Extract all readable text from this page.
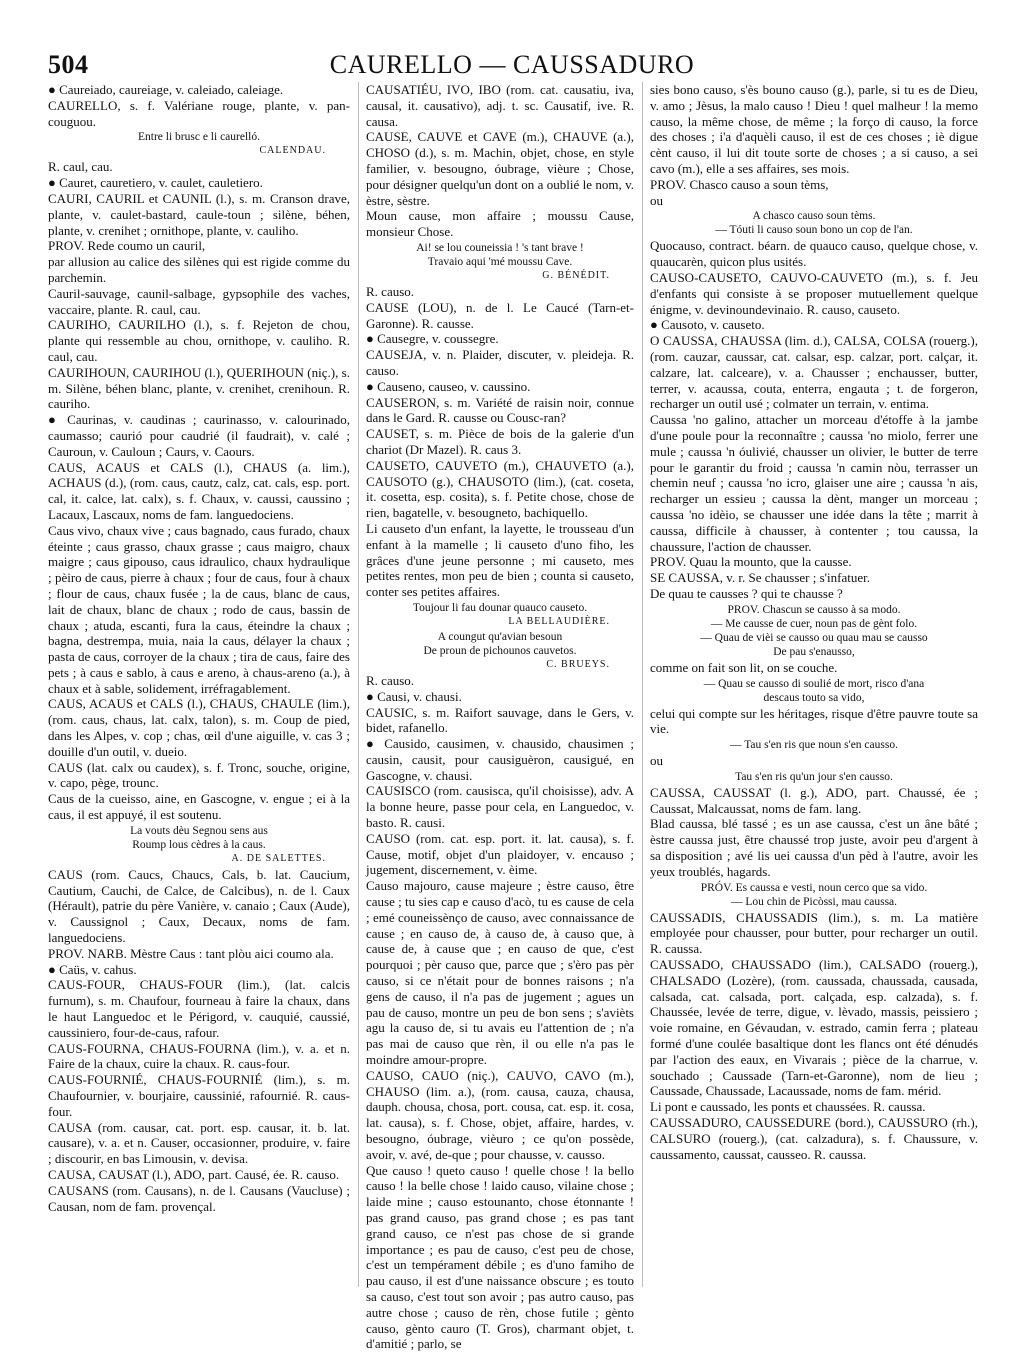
504	CAURELLO — CAUSSADURO

● Caureiado, caureiage, v. caleiado, caleiage.

CAURELLO, s. f. Valériane rouge, plante, v. pan-couguou.

Entre li brusc e li caurelló.
CALENDAU.

R. caul, cau.

● Cauret, cauretiero, v. caulet, cauletiero.

CAURI, CAURIL et CAUNIL (l.), s. m. Cranson drave, plante, v. caulet-bastard, caule-toun ; silène, béhen, plante, v. crenihet ; ornithope, plante, v. cauliho.

PROV. Rede coumo un cauril,

par allusion au calice des silènes qui est rigide comme du parchemin.

Cauril-sauvage, caunil-salbage, gypsophile des vaches, vaccaire, plante. R. caul, cau.

CAURIHO, CAURILHO (l.), s. f. Rejeton de chou, plante qui ressemble au chou, ornithope, v. cauliho. R. caul, cau.

CAURIHOUN, CAURIHOU (l.), QUERIHOUN (niç.), s. m. Silène, béhen blanc, plante, v. crenihet, crenihoun. R. cauriho.

● Caurinas, v. caudinas ; caurinasso, v. calourinado, caumasso; caurió pour caudrié (il faudrait), v. calé ; Cauroun, v. Cauloun ; Caurs, v. Caours.

CAUS, ACAUS et CALS (l.), CHAUS (a. lim.), ACHAUS (d.), (rom. caus, cautz, calz, cat. cals, esp. port. cal, it. calce, lat. calx), s. f. Chaux, v. caussi, caussino ; Lacaux, Lascaux, noms de fam. languedociens.

Caus vivo, chaux vive ; caus bagnado, caus furado, chaux éteinte ; caus grasso, chaux grasse ; caus maigro, chaux maigre ; caus gipouso, caus idraulico, chaux hydraulique ; pèiro de caus, pierre à chaux ; four de caus, four à chaux ; flour de caus, chaux fusée ; la de caus, blanc de caus, lait de chaux, blanc de chaux ; rodo de caus, bassin de chaux ; atuda, escanti, fura la caus, éteindre la chaux ; bagna, destrempa, muia, naia la caus, délayer la chaux ; pasta de caus, corroyer de la chaux ; tira de caus, faire des pets ; à caus e sablo, à caus e areno, à chaus-areno (a.), à chaux et à sable, solidement, irréfragablement.

CAUS, ACAUS et CALS (l.), CHAUS, CHAULE (lim.), (rom. caus, chaus, lat. calx, talon), s. m. Coup de pied, dans les Alpes, v. cop ; chas, œil d'une aiguille, v. cas 3 ; douille d'un outil, v. dueio.

CAUS (lat. calx ou caudex), s. f. Tronc, souche, origine, v. capo, pège, trounc.

Caus de la cueisso, aine, en Gascogne, v. engue ; ei à la caus, il est appuyé, il est soutenu.

La vouts dèu Segnou sens aus
Roump lous cèdres à la caus.
A. DE SALETTES.

CAUS (rom. Caucs, Chaucs, Cals, b. lat. Caucium, Cautium, Cauchi, de Calce, de Calcibus), n. de l. Caux (Hérault), patrie du père Vanière, v. canaio ; Caux (Aude), v. Caussignol ; Caux, Decaux, noms de fam. languedociens.

PROV. NARB. Mèstre Caus : tant plòu aici coumo ala.

● Caüs, v. cahus.

CAUS-FOUR, CHAUS-FOUR (lim.), (lat. calcis furnum), s. m. Chaufour, fourneau à faire la chaux, dans le haut Languedoc et le Périgord, v. cauquié, caussié, caussiniero, four-de-caus, rafour.

CAUS-FOURNA, CHAUS-FOURNA (lim.), v. a. et n. Faire de la chaux, cuire la chaux. R. caus-four.

CAUS-FOURNIÉ, CHAUS-FOURNIÉ (lim.), s. m. Chaufournier, v. bourjaire, caussinié, rafournié. R. caus-four.

CAUSA (rom. causar, cat. port. esp. causar, it. b. lat. causare), v. a. et n. Causer, occasionner, produire, v. faire ; discourir, en bas Limousin, v. devisa.

CAUSA, CAUSAT (l.), ADO, part. Causé, ée. R. causo.

CAUSANS (rom. Causans), n. de l. Causans (Vaucluse) ; Causan, nom de fam. provençal.

CAUSATIÉU, IVO, IBO (rom. cat. causatiu, iva, causal, it. causativo), adj. t. sc. Causatif, ive. R. causa.

CAUSE, CAUVE et CAVE (m.), CHAUVE (a.), CHOSO (d.), s. m. Machin, objet, chose, en style familier, v. besougno, óubrage, vièure ; Chose, pour désigner quelqu'un dont on a oublié le nom, v. èstre, sèstre.

Moun cause, mon affaire ; moussu Cause, monsieur Chose.

Ai! se lou couneissia ! 's tant brave !
Travaio aqui 'mé moussu Cave.
G. BÉNÉDIT.

R. causo.

CAUSE (LOU), n. de l. Le Caucé (Tarn-et-Garonne). R. causse.

● Causegre, v. coussegre.

CAUSEJA, v. n. Plaider, discuter, v. pleideja. R. causo.

● Causeno, causeo, v. caussino.

CAUSERON, s. m. Variété de raisin noir, connue dans le Gard. R. causse ou Cousc-ran?

CAUSET, s. m. Pièce de bois de la galerie d'un chariot (Dr Mazel). R. caus 3.

CAUSETO, CAUVETO (m.), CHAUVETO (a.), CAUSOTO (g.), CHAUSOTO (lim.), (cat. coseta, it. cosetta, esp. cosita), s. f. Petite chose, chose de rien, bagatelle, v. besougneto, bachiquello.

Li causeto d'un enfant, la layette, le trousseau d'un enfant à la mamelle ; li causeto d'uno fiho, les grâces d'une jeune personne ; mi causeto, mes petites rentes, mon peu de bien ; counta si causeto, conter ses petites affaires.

Toujour li fau dounar quauco causeto.
LA BELLAUDIÈRE.
A coungut qu'avian besoun
De proun de pichounos cauvetos.
C. BRUEYS.

R. causo.

● Causi, v. chausi.

CAUSIC, s. m. Raifort sauvage, dans le Gers, v. bidet, rafanello.

● Causido, causimen, v. chausido, chausimen ; causin, causit, pour causiguèron, causigué, en Gascogne, v. chausi.

CAUSISCO (rom. causisca, qu'il choisisse), adv. A la bonne heure, passe pour cela, en Languedoc, v. basto. R. causi.

CAUSO (rom. cat. esp. port. it. lat. causa), s. f. Cause, motif, objet d'un plaidoyer, v. encauso ; jugement, discernement, v. èime.

Causo majouro, cause majeure ; èstre causo, être cause ; tu sies cap e causo d'acò, tu es cause de cela ; emé couneissènço de causo, avec connaissance de cause ; en causo de, à causo de, à causo que, à cause de, à cause que ; en causo de que, c'est pourquoi ; pèr causo que, parce que ; s'èro pas pèr causo, si ce n'était pour de bonnes raisons ; n'a gens de causo, il n'a pas de jugement ; agues un pau de causo, montre un peu de bon sens ; s'avièts agu la causo de, si tu avais eu l'attention de ; n'a pas mai de causo que rèn, il ou elle n'a pas le moindre amour-propre.

CAUSO, CAUO (niç.), CAUVO, CAVO (m.), CHAUSO (lim. a.), (rom. causa, cauza, chausa, dauph. chousa, chosa, port. cousa, cat. esp. it. cosa, lat. causa), s. f. Chose, objet, affaire, hardes, v. besougno, óubrage, vièuro ; ce qu'on possède, avoir, v. avé, de-que ; pour chausse, v. causso.

Que causo ! queto causo ! quelle chose ! la bello causo ! la belle chose ! laido causo, vilaine chose ; laide mine ; causo estounanto, chose étonnante ! pas grand causo, pas grand chose ; es pas tant grand causo, ce n'est pas chose de si grande importance ; es pau de causo, c'est peu de chose, c'est un tempérament débile ; es d'uno famiho de pau causo, il est d'une naissance obscure ; es touto sa causo, c'est tout son avoir ; pas autro causo, pas autre chose ; causo de rèn, chose futile ; gènto causo, gènto cauro (T. Gros), charmant objet, t. d'amitié ; parlo, se

sies bono causo, s'ès bouno causo (g.), parle, si tu es de Dieu, v. amo ; Jèsus, la malo causo ! Dieu ! quel malheur ! la memo causo, la même chose, de même ; la forço di causo, la force des choses ; i'a d'aquèli causo, il est de ces choses ; iè digue cènt causo, il lui dit toute sorte de choses ; a si causo, a sei cavo (m.), elle a ses affaires, ses mois.

PROV. Chasco causo a soun tèms,

ou

A chasco causo soun tèms.
— Tóuti li causo soun bono un cop de l'an.

Quocauso, contract. béarn. de quauco causo, quelque chose, v. quaucarèn, quicon plus usités.

CAUSO-CAUSETO, CAUVO-CAUVETO (m.), s. f. Jeu d'enfants qui consiste à se proposer mutuellement quelque énigme, v. devinoundevinaio. R. causo, causeto.

● Causoto, v. causeto.

O CAUSSA, CHAUSSA (lim. d.), CALSA, COLSA (rouerg.), (rom. cauzar, caussar, cat. calsar, esp. calzar, port. calçar, it. calzare, lat. calceare), v. a. Chausser ; enchausser, butter, terrer, v. acaussa, couta, enterra, engauta ; t. de forgeron, recharger un outil usé ; colmater un terrain, v. entima.

Caussa 'no galino, attacher un morceau d'étoffe à la jambe d'une poule pour la reconnaître ; caussa 'no miolo, ferrer une mule ; caussa 'n óulivié, chausser un olivier, le butter de terre pour le garantir du froid ; caussa 'n camin nòu, terrasser un chemin neuf ; caussa 'no icro, glaiser une aire ; caussa 'n ais, recharger un essieu ; caussa la dènt, manger un morceau ; caussa 'no idèio, se chausser une idée dans la tête ; marrit à caussa, difficile à chausser, à contenter ; tou caussa, la chaussure, l'action de chausser.

PROV. Quau la mounto, que la causse.

SE CAUSSA, v. r. Se chausser ; s'infatuer.

De quau te causses ? qui te chausse ?

PROV. Chascun se causso à sa modo.
— Me causse de cuer, noun pas de gènt folo.
— Quau de vièi se causso ou quau mau se causso
De pau s'enausso,

comme on fait son lit, on se couche.

— Quau se causso di soulié de mort, risco d'ana
descaus touto sa vido,

celui qui compte sur les héritages, risque d'être pauvre toute sa vie.

— Tau s'en ris que noun s'en causso.

ou

Tau s'en ris qu'un jour s'en causso.

CAUSSA, CAUSSAT (l. g.), ADO, part. Chaussé, ée ; Caussat, Malcaussat, noms de fam. lang.

Blad caussa, blé tassé ; es un ase caussa, c'est un âne bâté ; èstre caussa just, être chaussé trop juste, avoir peu d'argent à sa disposition ; avé lis uei caussa d'un pèd à l'autre, avoir les yeux troublés, hagards.

PRÓV. Es caussa e vesti, noun cerco que sa vido.
— Lou chin de Picòssi, mau caussa.

CAUSSADIS, CHAUSSADIS (lim.), s. m. La matière employée pour chausser, pour butter, pour recharger un outil. R. caussa.

CAUSSADO, CHAUSSADO (lim.), CALSADO (rouerg.), CHALSADO (Lozère), (rom. caussada, chaussada, causada, calsada, cat. calsada, port. calçada, esp. calzada), s. f. Chaussée, levée de terre, digue, v. lèvado, massis, peissiero ; voie romaine, en Gévaudan, v. estrado, camin ferra ; plateau formé d'une coulée basaltique dont les flancs ont été dénudés par l'action des eaux, en Vivarais ; pièce de la charrue, v. souchado ; Caussade (Tarn-et-Garonne), nom de lieu ; Caussade, Chaussade, Lacaussade, noms de fam. mérid.

Li pont e caussado, les ponts et chaussées. R. caussa.

CAUSSADURO, CAUSSEDURE (bord.), CAUSSURO (rh.), CALSURO (rouerg.), (cat. calzadura), s. f. Chaussure, v. caussamento, caussat, causseo. R. caussa.
